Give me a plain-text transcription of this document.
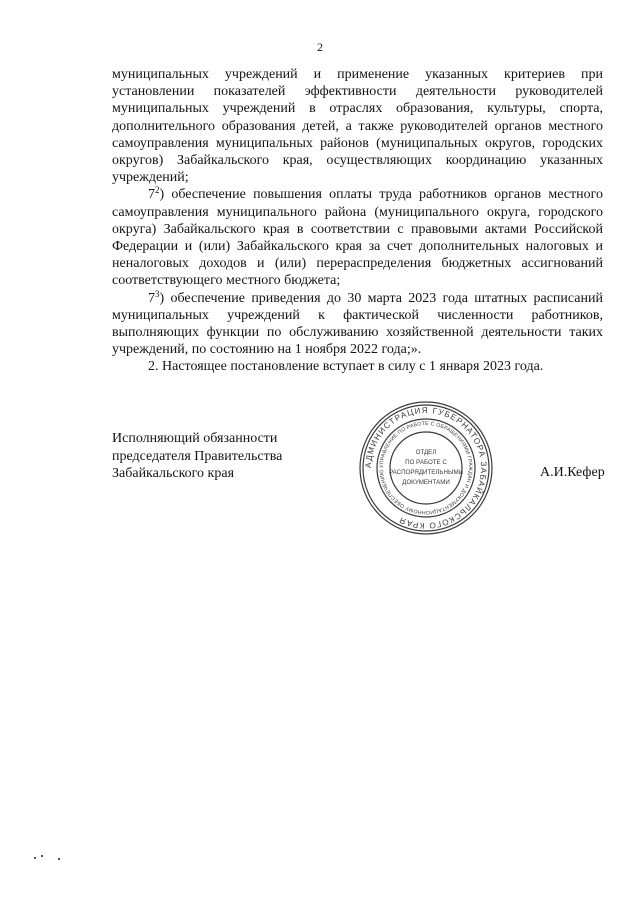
2

муниципальных учреждений и применение указанных критериев при установлении показателей эффективности деятельности руководителей муниципальных учреждений в отраслях образования, культуры, спорта, дополнительного образования детей, а также руководителей органов местного самоуправления муниципальных районов (муниципальных округов, городских округов) Забайкальского края, осуществляющих координацию указанных учреждений;

$7^2$) обеспечение повышения оплаты труда работников органов местного самоуправления муниципального района (муниципального округа, городского округа) Забайкальского края в соответствии с правовыми актами Российской Федерации и (или) Забайкальского края за счет дополнительных налоговых и неналоговых доходов и (или) перераспределения бюджетных ассигнований соответствующего местного бюджета;

$7^3$) обеспечение приведения до 30 марта 2023 года штатных расписаний муниципальных учреждений к фактической численности работников, выполняющих функции по обслуживанию хозяйственной деятельности таких учреждений, по состоянию на 1 ноября 2022 года;».

2. Настоящее постановление вступает в силу с 1 января 2023 года.

Исполняющий обязанности
председателя Правительства
Забайкальского края	А.И.Кефер
АДМИНИСТРАЦИЯ ГУБЕРНАТОРА ЗАБАЙКАЛЬСКОГО КРАЯ
УПРАВЛЕНИЕ ПО РАБОТЕ С ОБРАЩЕНИЯМИ ГРАЖДАН И ДОКУМЕНТАЦИОННОМУ ОБЕСПЕЧЕНИЮ
ОТДЕЛ
ПО РАБОТЕ С
РАСПОРЯДИТЕЛЬНЫМИ
ДОКУМЕНТАМИ
